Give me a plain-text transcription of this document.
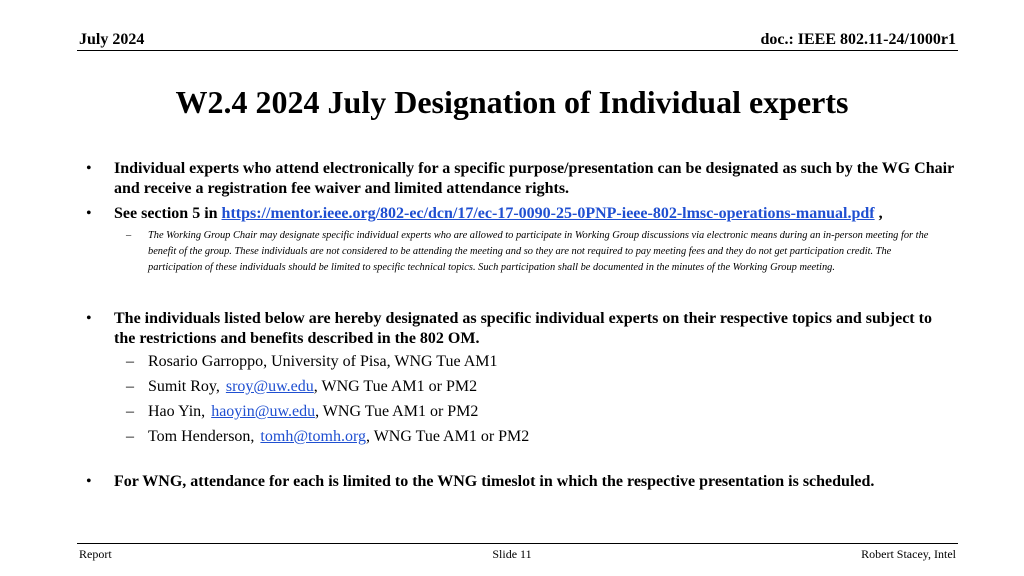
July 2024	doc.: IEEE 802.11-24/1000r1
W2.4 2024 July Designation of Individual experts
• Individual experts who attend electronically for a specific purpose/presentation can be designated as such by the WG Chair and receive a registration fee waiver and limited attendance rights.
• See section 5 in https://mentor.ieee.org/802-ec/dcn/17/ec-17-0090-25-0PNP-ieee-802-lmsc-operations-manual.pdf ,
– The Working Group Chair may designate specific individual experts who are allowed to participate in Working Group discussions via electronic means during an in-person meeting for the benefit of the group. These individuals are not considered to be attending the meeting and so they are not required to pay meeting fees and they do not get participation credit. The participation of these individuals should be limited to specific technical topics. Such participation shall be documented in the minutes of the Working Group meeting.
• The individuals listed below are hereby designated as specific individual experts on their respective topics and subject to the restrictions and benefits described in the 802 OM.
– Rosario Garroppo, University of Pisa, WNG Tue AM1
– Sumit Roy, sroy@uw.edu, WNG Tue AM1 or PM2
– Hao Yin, haoyin@uw.edu, WNG Tue AM1 or PM2
– Tom Henderson, tomh@tomh.org, WNG Tue AM1 or PM2
• For WNG, attendance for each is limited to the WNG timeslot in which the respective presentation is scheduled.
Report	Slide 11	Robert Stacey, Intel
